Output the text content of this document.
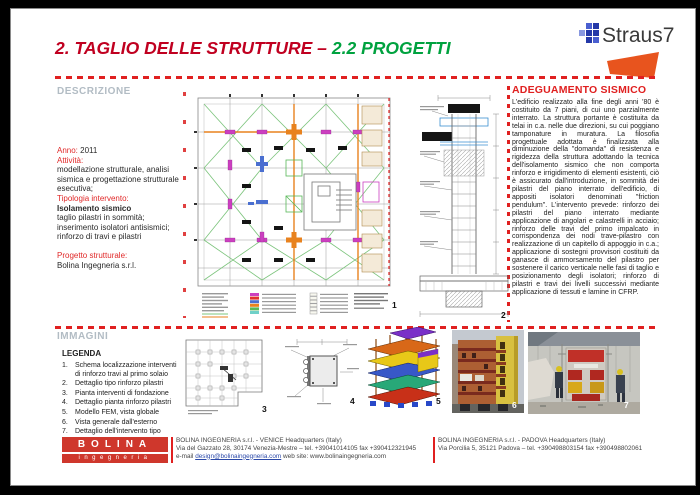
2. TAGLIO DELLE STRUTTURE – 2.2 PROGETTI
Straus7
DESCRIZIONE

Anno: 2011

Attività:

modellazione strutturale, analisi sismica e progettazione strutturale esecutiva;

Tipologia intervento:

Isolamento sismico

taglio pilastri in sommità;

inserimento isolatori antisismici;

rinforzo di travi e pilastri

Progetto strutturale:

Bolina Ingegneria s.r.l.

ADEGUAMENTO SISMICO
L'edificio realizzato alla fine degli anni '80 è costituito da 7 piani, di cui uno parzialmente interrato. La struttura portante è costituita da telai in c.a. nelle due direzioni, su cui poggiano tamponature in muratura. La filosofia progettuale adottata è finalizzata alla diminuzione della "domanda" di resistenza e rigidezza della struttura adottando la tecnica dell'isolamento sismico che non comporta rinforzo e irrigidimento di elementi esistenti, ciò è assicurato dall'introduzione, in sommità dei pilastri del piano interrato dell'edificio, di appositi isolatori denominati "friction pendulum". L'intervento prevede: rinforzo dei pilastri del piano interrato mediante applicazione di angolari e calastrelli in acciaio; rinforzo delle travi del primo impalcato in corrispondenza dei nodi trave-pilastro con realizzazione di un capitello di appoggio in c.a.; applicazione di sostegni provvisori costituiti da ganasce di ammorsamento del pilastro per sostenere il carico verticale nelle fasi di taglio e posizionamento degli isolatori; rinforzo di pilastri e travi dei livelli successivi mediante applicazione di tessuti e lamine in CFRP.
IMMAGINI
LEGENDA
1.	Schema localizzazione interventi di rinforzo travi al primo solaio
2.	Dettaglio tipo rinforzo pilastri
3.	Pianta interventi di fondazione
4.	Dettaglio pianta rinforzo pilastri
5.	Modello FEM, vista globale
6.	Vista generale dall'esterno
7.	Dettaglio dell'intervento tipo
1
2
3
4	5	6	7
BOLINA
ingegneria
BOLINA INGEGNERIA s.r.l. - VENICE Headquarters (Italy)
Via del Gazzato 28, 30174 Venezia-Mestre – tel. +39041014105 fax +390412321945
e-mail design@bolinaingegneria.com web site: www.bolinaingegneria.com
BOLINA INGEGNERIA s.r.l. - PADOVA Headquarters (Italy)
Via Porcilia 5, 35121 Padova – tel. +390498803154 fax +390498802061
